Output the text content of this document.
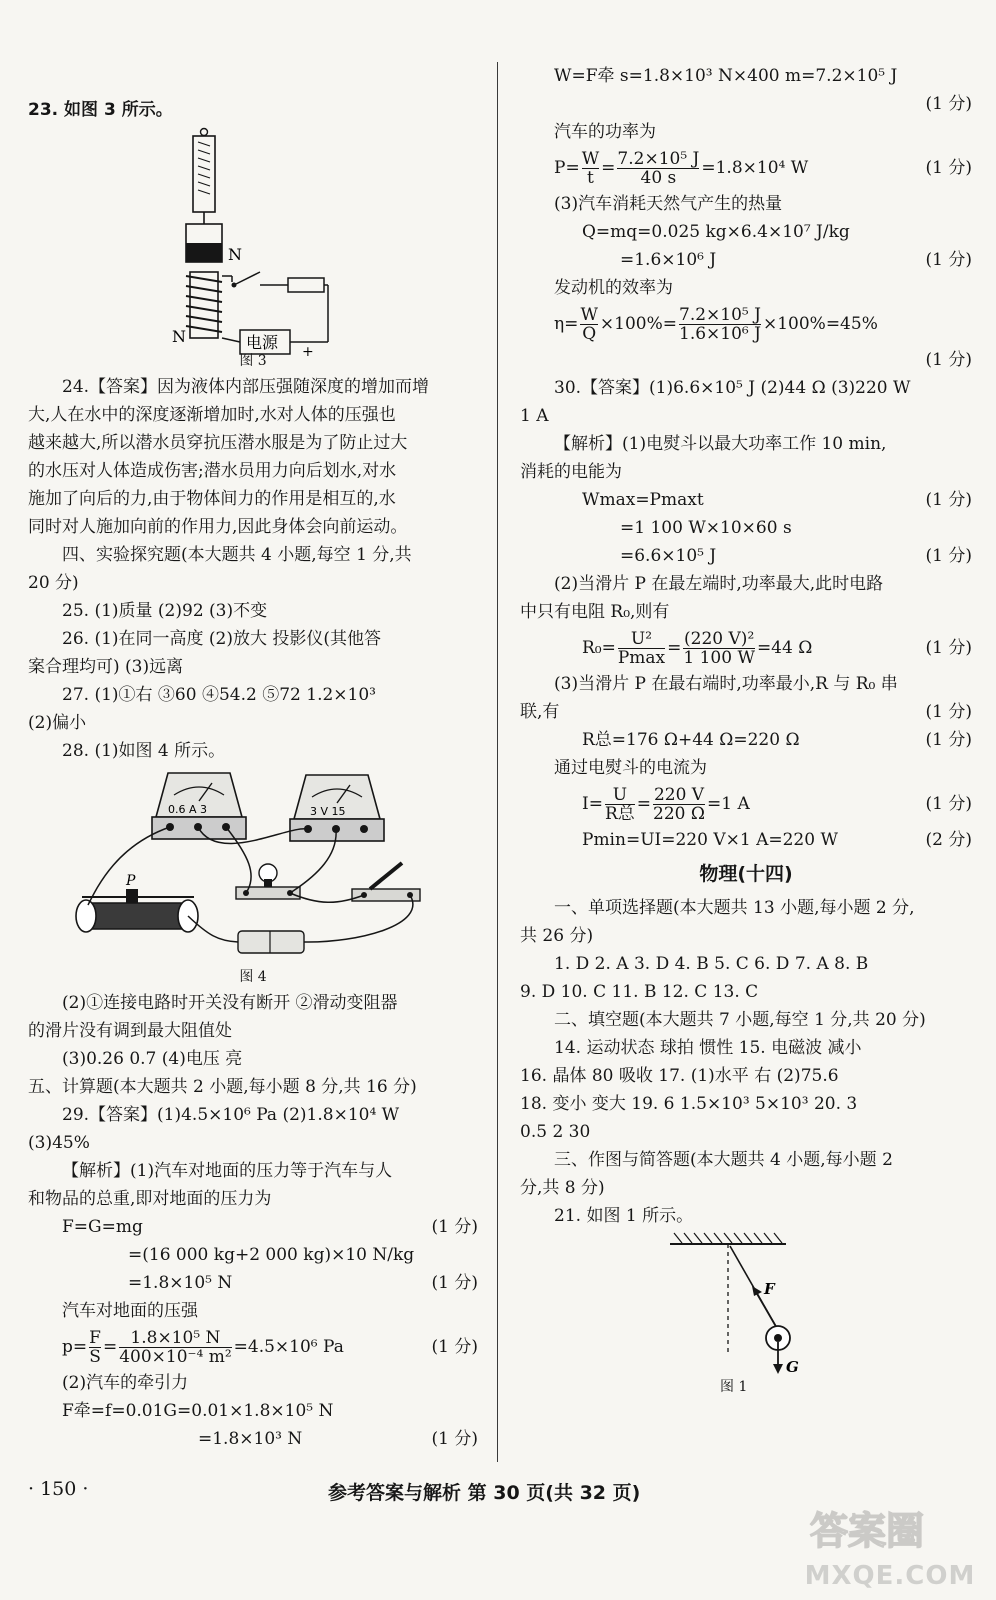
23. 如图 3 所示。
N
电源 +
N
图 3
24.【答案】因为液体内部压强随深度的增加而增
大,人在水中的深度逐渐增加时,水对人体的压强也
越来越大,所以潜水员穿抗压潜水服是为了防止过大
的水压对人体造成伤害;潜水员用力向后划水,对水
施加了向后的力,由于物体间力的作用是相互的,水
同时对人施加向前的作用力,因此身体会向前运动。
四、实验探究题(本大题共 4 小题,每空 1 分,共
20 分)
25. (1)质量 (2)92 (3)不变
26. (1)在同一高度 (2)放大 投影仪(其他答
案合理均可) (3)远离
27. (1)①右 ③60 ④54.2 ⑤72 1.2×10³
(2)偏小
28. (1)如图 4 所示。
0.6 A 3	3 V 15
P
图 4
(2)①连接电路时开关没有断开 ②滑动变阻器
的滑片没有调到最大阻值处
(3)0.26 0.7 (4)电压 亮
五、计算题(本大题共 2 小题,每小题 8 分,共 16 分)
29.【答案】(1)4.5×10⁶ Pa (2)1.8×10⁴ W
(3)45%
【解析】(1)汽车对地面的压力等于汽车与人
和物品的总重,即对地面的压力为
F=G=mg	(1 分)
=(16 000 kg+2 000 kg)×10 N/kg
=1.8×10⁵ N	(1 分)
汽车对地面的压强
$p= \frac{F}{S} = \frac{\text{1.8×10⁵ N}}{\text{400×10⁻⁴ m²}} =4.5\times 10^6$ Pa	(1 分)
(2)汽车的牵引力
F牵=f=0.01G=0.01×1.8×10⁵ N
=1.8×10³ N	(1 分)
W=F牵 s=1.8×10³ N×400 m=7.2×10⁵ J
(1 分)
汽车的功率为
$P= \frac{W}{t} = \frac{\text{7.2×10⁵ J}}{40 s} =1.8\times 10^4$ W	(1 分)
(3)汽车消耗天然气产生的热量
Q=mq=0.025 kg×6.4×10⁷ J/kg
=1.6×10⁶ J	(1 分)
发动机的效率为
$\eta= \frac{W}{Q} \times 100\%= \frac{\text{7.2×10⁵ J}}{\text{1.6×10⁶ J}} \times 100\%=45\%$
(1 分)
30.【答案】(1)6.6×10⁵ J (2)44 Ω (3)220 W
1 A
【解析】(1)电熨斗以最大功率工作 10 min,
消耗的电能为
Wmax=Pmaxt	(1 分)
=1 100 W×10×60 s
=6.6×10⁵ J	(1 分)
(2)当滑片 P 在最左端时,功率最大,此时电路
中只有电阻 R₀,则有
$R_0= \frac{\text{U²}}{Pmax} = \frac{\text{(220 V)²}}{1 100 W} =44$ Ω	(1 分)
(3)当滑片 P 在最右端时,功率最小,R 与 R₀ 串
联,有	(1 分)
R总=176 Ω+44 Ω=220 Ω	(1 分)
通过电熨斗的电流为
$I= \frac{U}{\text{R总}} = \frac{220 V}{220 \Omega} =1$ A	(1 分)
Pmin=UI=220 V×1 A=220 W	(2 分)
物理(十四)
一、单项选择题(本大题共 13 小题,每小题 2 分,
共 26 分)
1. D 2. A 3. D 4. B 5. C 6. D 7. A 8. B
9. D 10. C 11. B 12. C 13. C
二、填空题(本大题共 7 小题,每空 1 分,共 20 分)
14. 运动状态 球拍 惯性 15. 电磁波 减小
16. 晶体 80 吸收 17. (1)水平 右 (2)75.6
18. 变小 变大 19. 6 1.5×10³ 5×10³ 20. 3
0.5 2 30
三、作图与简答题(本大题共 4 小题,每小题 2
分,共 8 分)
21. 如图 1 所示。
F
G
图 1
· 150 ·	参考答案与解析 第 30 页(共 32 页)
答案圈
MXQE.COM
